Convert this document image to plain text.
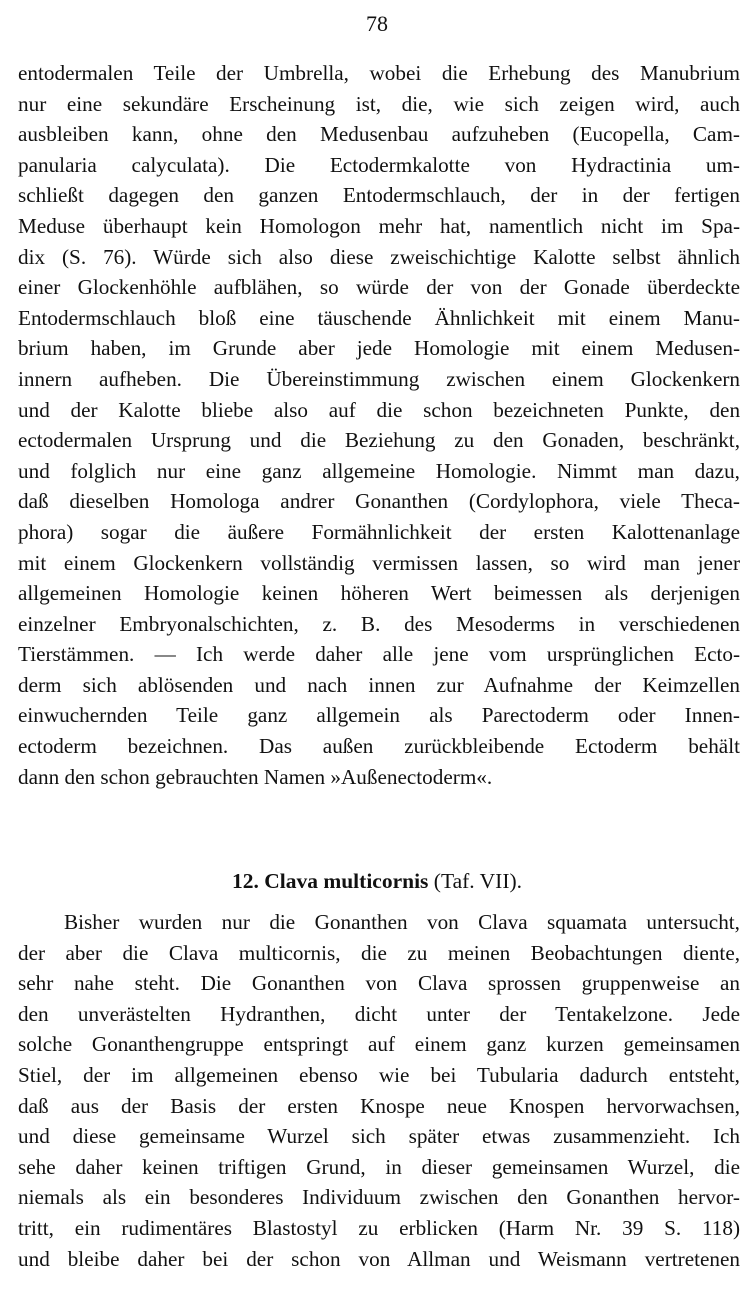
78
entodermalen Teile der Umbrella, wobei die Erhebung des Manubrium
nur eine sekundäre Erscheinung ist, die, wie sich zeigen wird, auch
ausbleiben kann, ohne den Medusenbau aufzuheben (Eucopella, Cam-
panularia calyculata). Die Ectodermkalotte von Hydractinia um-
schließt dagegen den ganzen Entodermschlauch, der in der fertigen
Meduse überhaupt kein Homologon mehr hat, namentlich nicht im Spa-
dix (S. 76). Würde sich also diese zweischichtige Kalotte selbst ähnlich
einer Glockenhöhle aufblähen, so würde der von der Gonade überdeckte
Entodermschlauch bloß eine täuschende Ähnlichkeit mit einem Manu-
brium haben, im Grunde aber jede Homologie mit einem Medusen-
innern aufheben. Die Übereinstimmung zwischen einem Glockenkern
und der Kalotte bliebe also auf die schon bezeichneten Punkte, den
ectodermalen Ursprung und die Beziehung zu den Gonaden, beschränkt,
und folglich nur eine ganz allgemeine Homologie. Nimmt man dazu,
daß dieselben Homologa andrer Gonanthen (Cordylophora, viele Theca-
phora) sogar die äußere Formähnlichkeit der ersten Kalottenanlage
mit einem Glockenkern vollständig vermissen lassen, so wird man jener
allgemeinen Homologie keinen höheren Wert beimessen als derjenigen
einzelner Embryonalschichten, z. B. des Mesoderms in verschiedenen
Tierstämmen. — Ich werde daher alle jene vom ursprünglichen Ecto-
derm sich ablösenden und nach innen zur Aufnahme der Keimzellen
einwuchernden Teile ganz allgemein als Parectoderm oder Innen-
ectoderm bezeichnen. Das außen zurückbleibende Ectoderm behält
dann den schon gebrauchten Namen »Außenectoderm«.
12. Clava multicornis (Taf. VII).
Bisher wurden nur die Gonanthen von Clava squamata untersucht,
der aber die Clava multicornis, die zu meinen Beobachtungen diente,
sehr nahe steht. Die Gonanthen von Clava sprossen gruppenweise an
den unverästelten Hydranthen, dicht unter der Tentakelzone. Jede
solche Gonanthengruppe entspringt auf einem ganz kurzen gemeinsamen
Stiel, der im allgemeinen ebenso wie bei Tubularia dadurch entsteht,
daß aus der Basis der ersten Knospe neue Knospen hervorwachsen,
und diese gemeinsame Wurzel sich später etwas zusammenzieht. Ich
sehe daher keinen triftigen Grund, in dieser gemeinsamen Wurzel, die
niemals als ein besonderes Individuum zwischen den Gonanthen hervor-
tritt, ein rudimentäres Blastostyl zu erblicken (Harm Nr. 39 S. 118)
und bleibe daher bei der schon von Allman und Weismann vertretenen
